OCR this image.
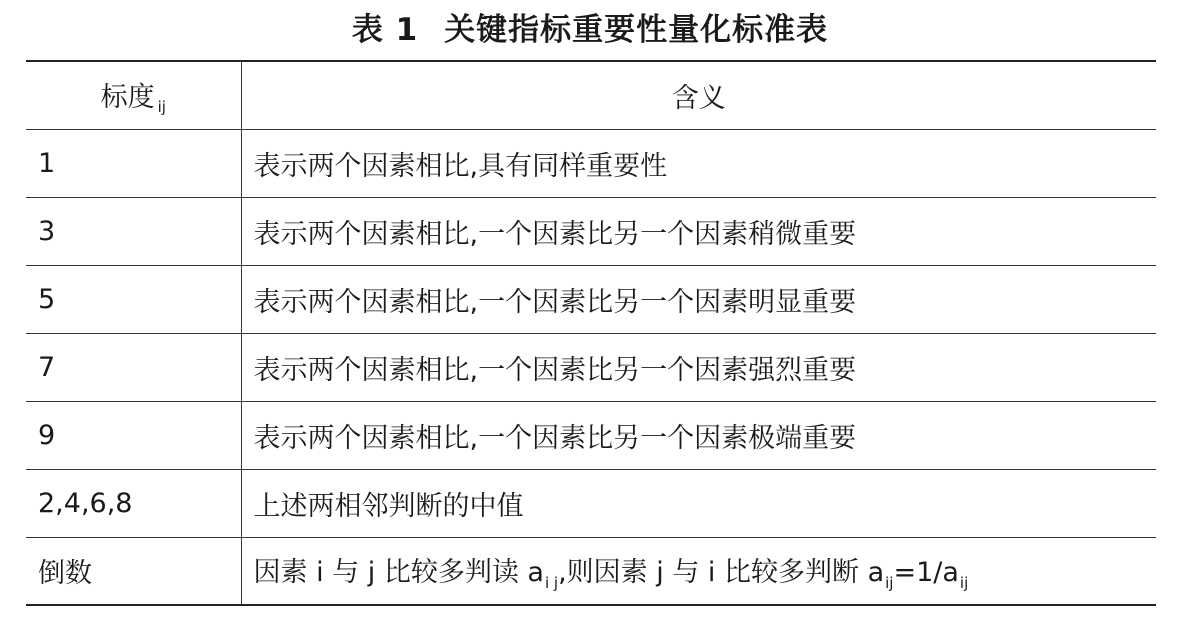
表 1 关键指标重要性量化标准表
标度 $_{ij}$	含义
1	表示两个因素相比,具有同样重要性
3	表示两个因素相比,一个因素比另一个因素稍微重要
5	表示两个因素相比,一个因素比另一个因素明显重要
7	表示两个因素相比,一个因素比另一个因素强烈重要
9	表示两个因素相比,一个因素比另一个因素极端重要
2,4,6,8	上述两相邻判断的中值
倒数	因素 i 与 j 比较多判读 $a_{i j}$,则因素 j 与 i 比较多判断 $a_{ij}=1/a_{ij}$
